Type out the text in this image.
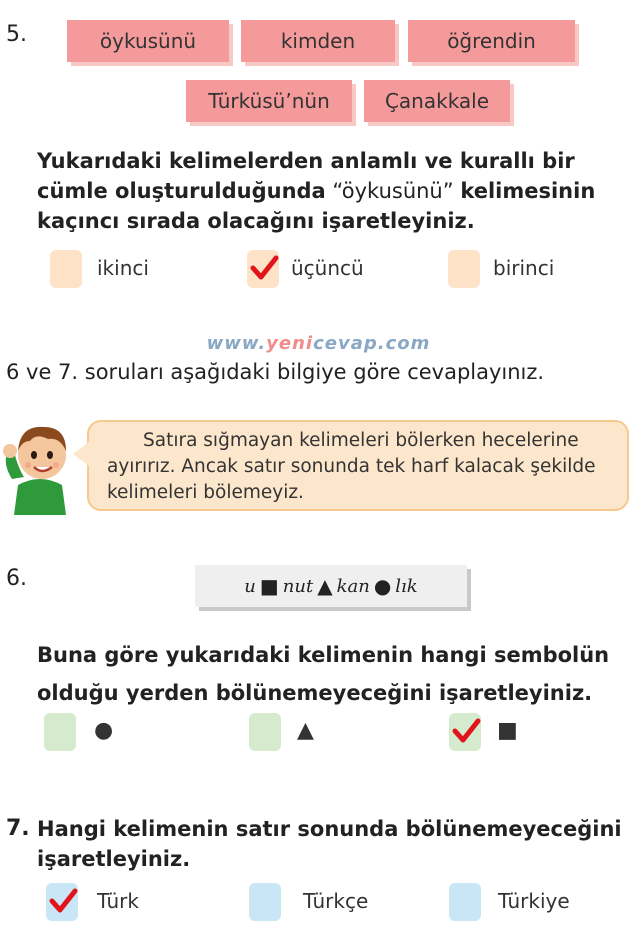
5.	öykusünü	kimden	öğrendin
Türküsü’nün	Çanakkale
Yukarıdaki kelimelerden anlamlı ve kurallı bir cümle oluşturulduğunda “öykusünü” kelimesinin kaçıncı sırada olacağını işaretleyiniz.
ikinci	üçüncü	birinci
www.yenicevap.com
6 ve 7. soruları aşağıdaki bilgiye göre cevaplayınız.
Satıra sığmayan kelimeleri bölerken hecelerine ayırırız. Ancak satır sonunda tek harf kalacak şekilde kelimeleri bölemeyiz.
6.	u ■ nut ▲ kan ● lık
Buna göre yukarıdaki kelimenin hangi sembolün olduğu yerden bölünemeyeceğini işaretleyiniz.
●	▲	■
7. Hangi kelimenin satır sonunda bölünemeyeceğini işaretleyiniz.
Türk	Türkçe	Türkiye
